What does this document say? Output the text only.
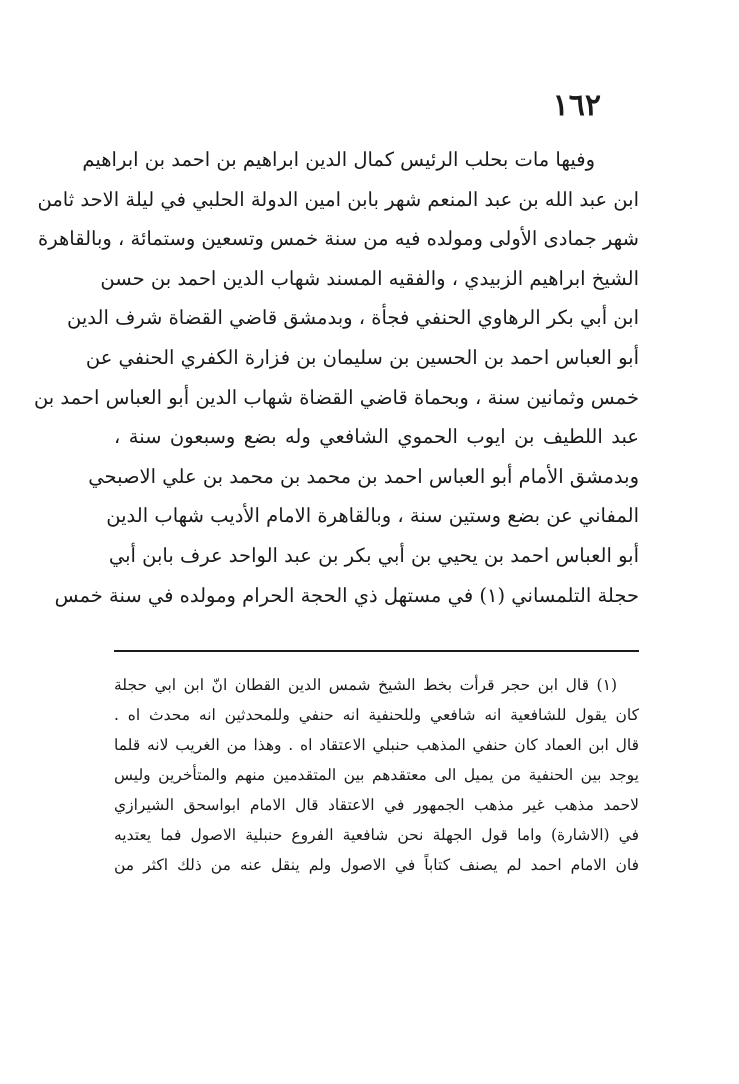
١٦٢
وفيها مات بحلب الرئيس كمال الدين ابراهيم بن احمد بن ابراهيم
ابن عبد الله بن عبد المنعم شهر بابن امين الدولة الحلبي في ليلة الاحد ثامن
شهر جمادى الأولى ومولده فيه من سنة خمس وتسعين وستمائة ، وبالقاهرة
الشيخ ابراهيم الزبيدي ، والفقيه المسند شهاب الدين احمد بن حسن
ابن أبي بكر الرهاوي الحنفي فجأة ، وبدمشق قاضي القضاة شرف الدين
أبو العباس احمد بن الحسين بن سليمان بن فزارة الكفري الحنفي عن
خمس وثمانين سنة ، وبحماة قاضي القضاة شهاب الدين أبو العباس احمد بن
عبد اللطيف بن ايوب الحموي الشافعي وله بضع وسبعون سنة ،
وبدمشق الأمام أبو العباس احمد بن محمد بن محمد بن علي الاصبحي
المفاني عن بضع وستين سنة ، وبالقاهرة الامام الأديب شهاب الدين
أبو العباس احمد بن يحيي بن أبي بكر بن عبد الواحد عرف بابن أبي
حجلة التلمساني (١) في مستهل ذي الحجة الحرام ومولده في سنة خمس
(١) قال ابن حجر قرأت بخط الشيخ شمس الدين القطان انّ ابن ابي حجلة
كان يقول للشافعية انه شافعي وللحنفية انه حنفي وللمحدثين انه محدث اه .
قال ابن العماد كان حنفي المذهب حنبلي الاعتقاد اه . وهذا من الغريب لانه قلما
يوجد بين الحنفية من يميل الى معتقدهم بين المتقدمين منهم والمتأخرين وليس
لاحمد مذهب غير مذهب الجمهور في الاعتقاد قال الامام ابواسحق الشيرازي
في (الاشارة) واما قول الجهلة نحن شافعية الفروع حنبلية الاصول فما يعتديه
فان الامام احمد لم يصنف كتاباً في الاصول ولم ينقل عنه من ذلك اكثر من
